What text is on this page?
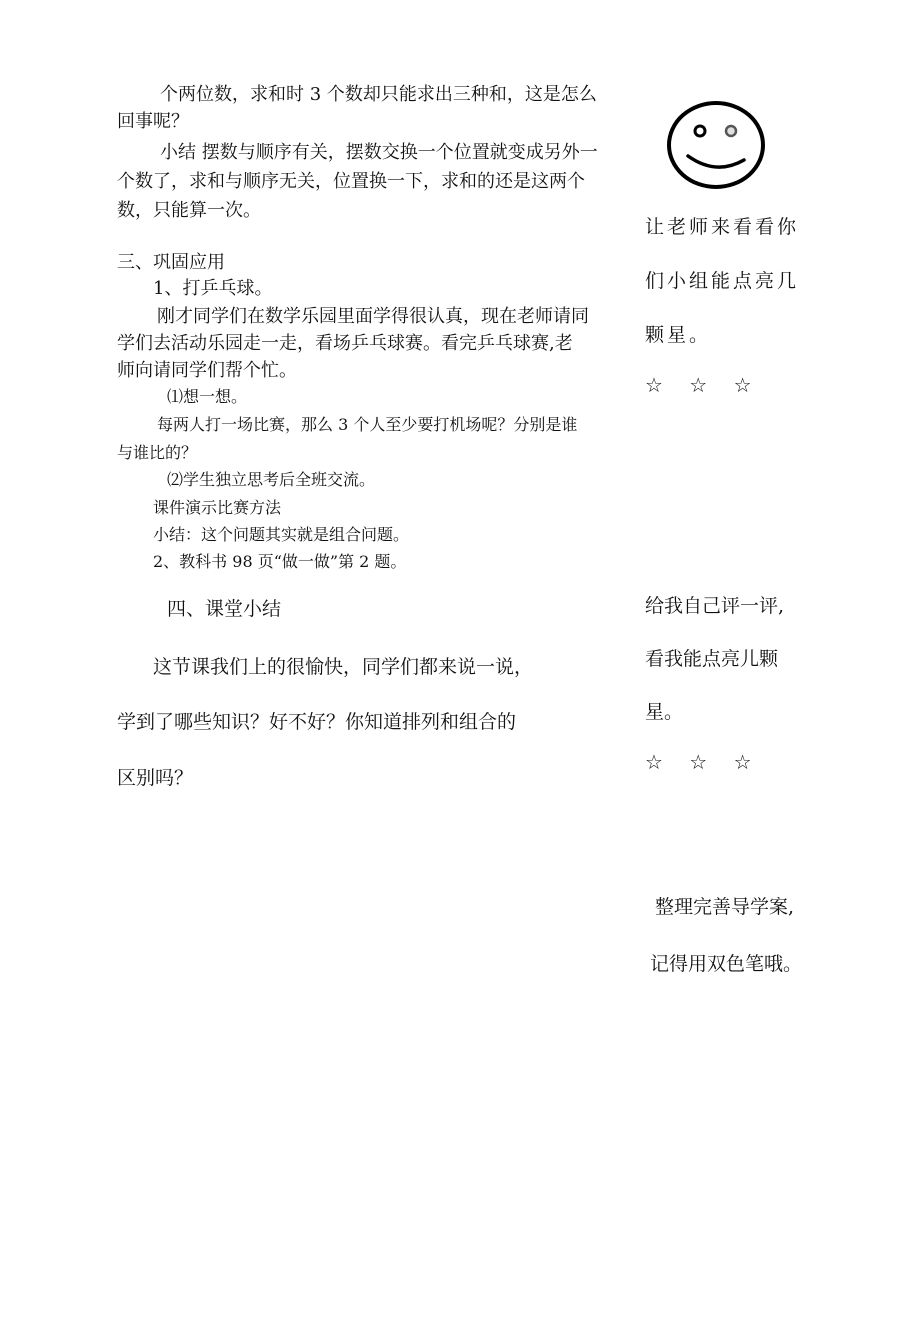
个两位数，求和时 3 个数却只能求出三种和，这是怎么

回事呢？

小结 摆数与顺序有关，摆数交换一个位置就变成另外一

个数了，求和与顺序无关，位置换一下，求和的还是这两个

数，只能算一次。

三、巩固应用

1、打乒乓球。

刚才同学们在数学乐园里面学得很认真，现在老师请同

学们去活动乐园走一走，看场乒乓球赛。看完乒乓球赛,老

师向请同学们帮个忙。

⑴想一想。

每两人打一场比赛，那么 3 个人至少要打机场呢？分别是谁

与谁比的？

⑵学生独立思考后全班交流。

课件演示比赛方法

小结：这个问题其实就是组合问题。

2、教科书 98 页“做一做”第 2 题。

四、课堂小结

这节课我们上的很愉快，同学们都来说一说，

学到了哪些知识？好不好？你知道排列和组合的

区别吗？

让老师来看看你

们小组能点亮几

颗星。

☆ ☆ ☆

给我自己评一评,

看我能点亮儿颗

星。

☆ ☆ ☆

整理完善导学案,

记得用双色笔哦。
